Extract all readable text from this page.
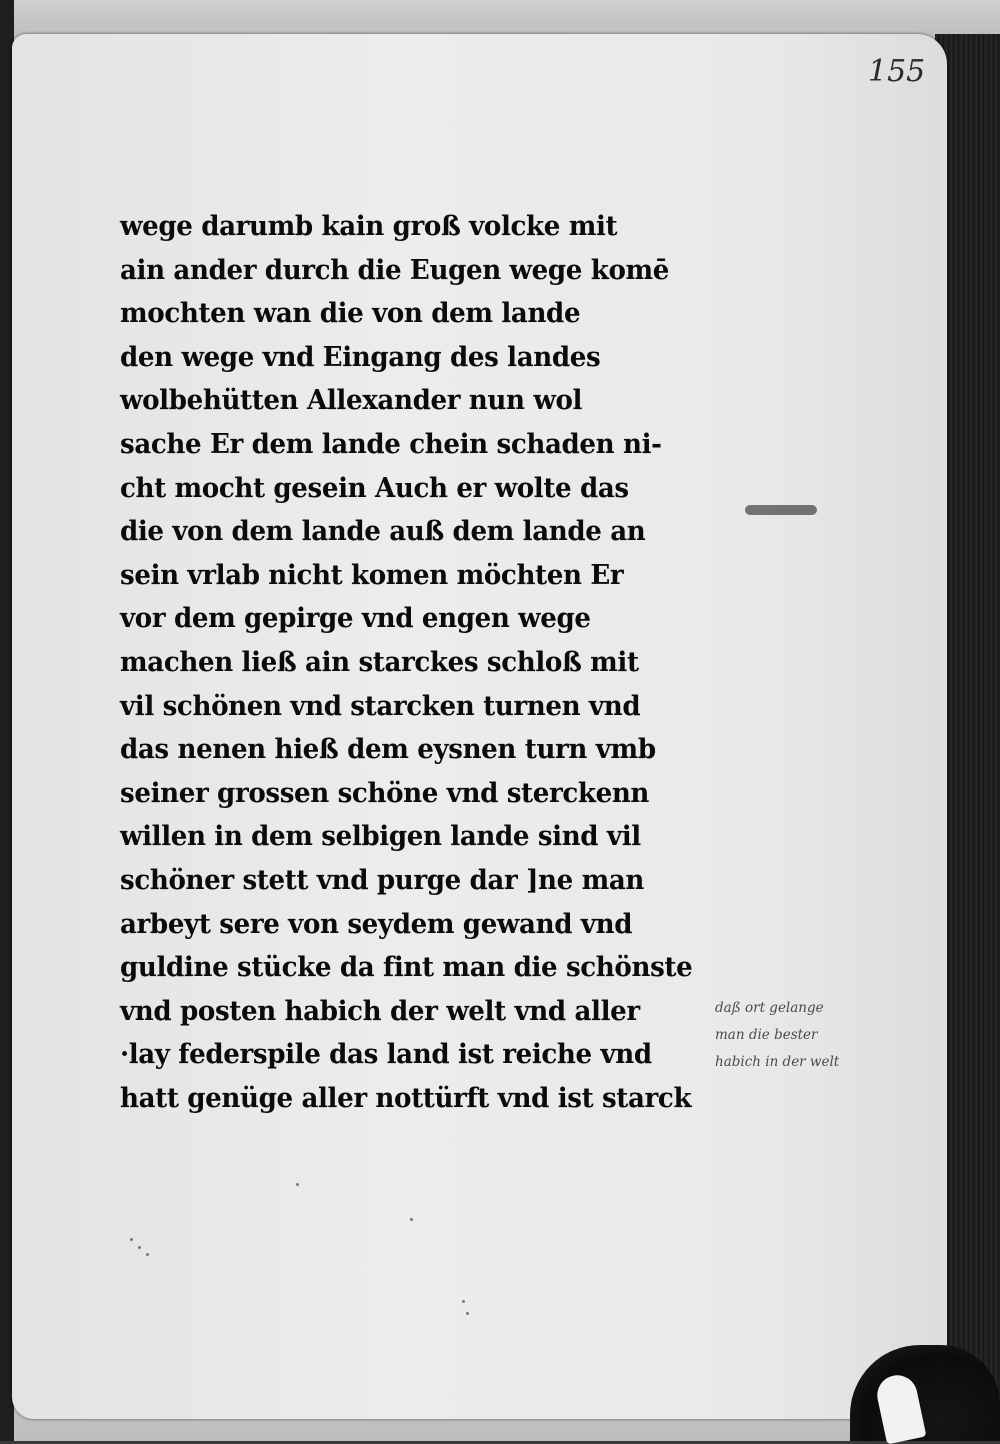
155
wege darumb kain groß volcke mit
ain ander durch die Eugen wege komē
mochten wan die von dem lande
den wege vnd Eingang des landes
wolbehütten Allexander nun wol
sache Er dem lande chein schaden ni-
cht mocht gesein Auch er wolte das
die von dem lande auß dem lande an
sein vrlab nicht komen möchten Er
vor dem gepirge vnd engen wege
machen ließ ain starckes schloß mit
vil schönen vnd starcken turnen vnd
das nenen hieß dem eysnen turn vmb
seiner grossen schöne vnd sterckenn
willen in dem selbigen lande sind vil
schöner stett vnd purge dar ]ne man
arbeyt sere von seydem gewand vnd
guldine stücke da fint man die schönste
vnd posten habich der welt vnd aller
·lay federspile das land ist reiche vnd
hatt genüge aller nottürft vnd ist starck
daß ort gelange
man die bester
habich in der welt
